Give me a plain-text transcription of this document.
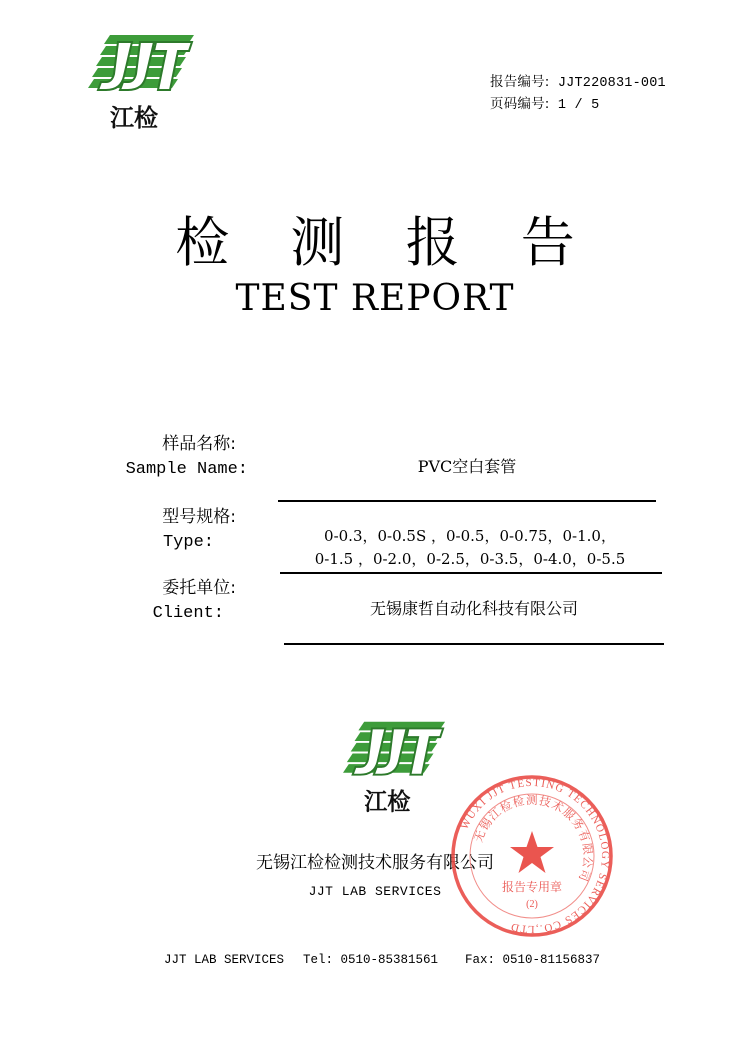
江检
报告编号: JJT220831-001
页码编号: 1 / 5
检 测 报 告
TEST REPORT
样品名称:
Sample Name:	PVC空白套管
型号规格:
Type:	0-0.3，0-0.5S ，0-0.5，0-0.75，0-1.0，
0-1.5 ，0-2.0，0-2.5，0-3.5，0-4.0，0-5.5
委托单位:
Client:	无锡康哲自动化科技有限公司
江检
无锡江检检测技术服务有限公司
JJT LAB SERVICES
WUXI JJT TESTING TECHNOLOGY SERVICES CO.,LTD
无锡江检检测技术服务有限公司
报告专用章
(2)
JJT LAB SERVICES Tel: 0510-85381561 Fax: 0510-81156837
